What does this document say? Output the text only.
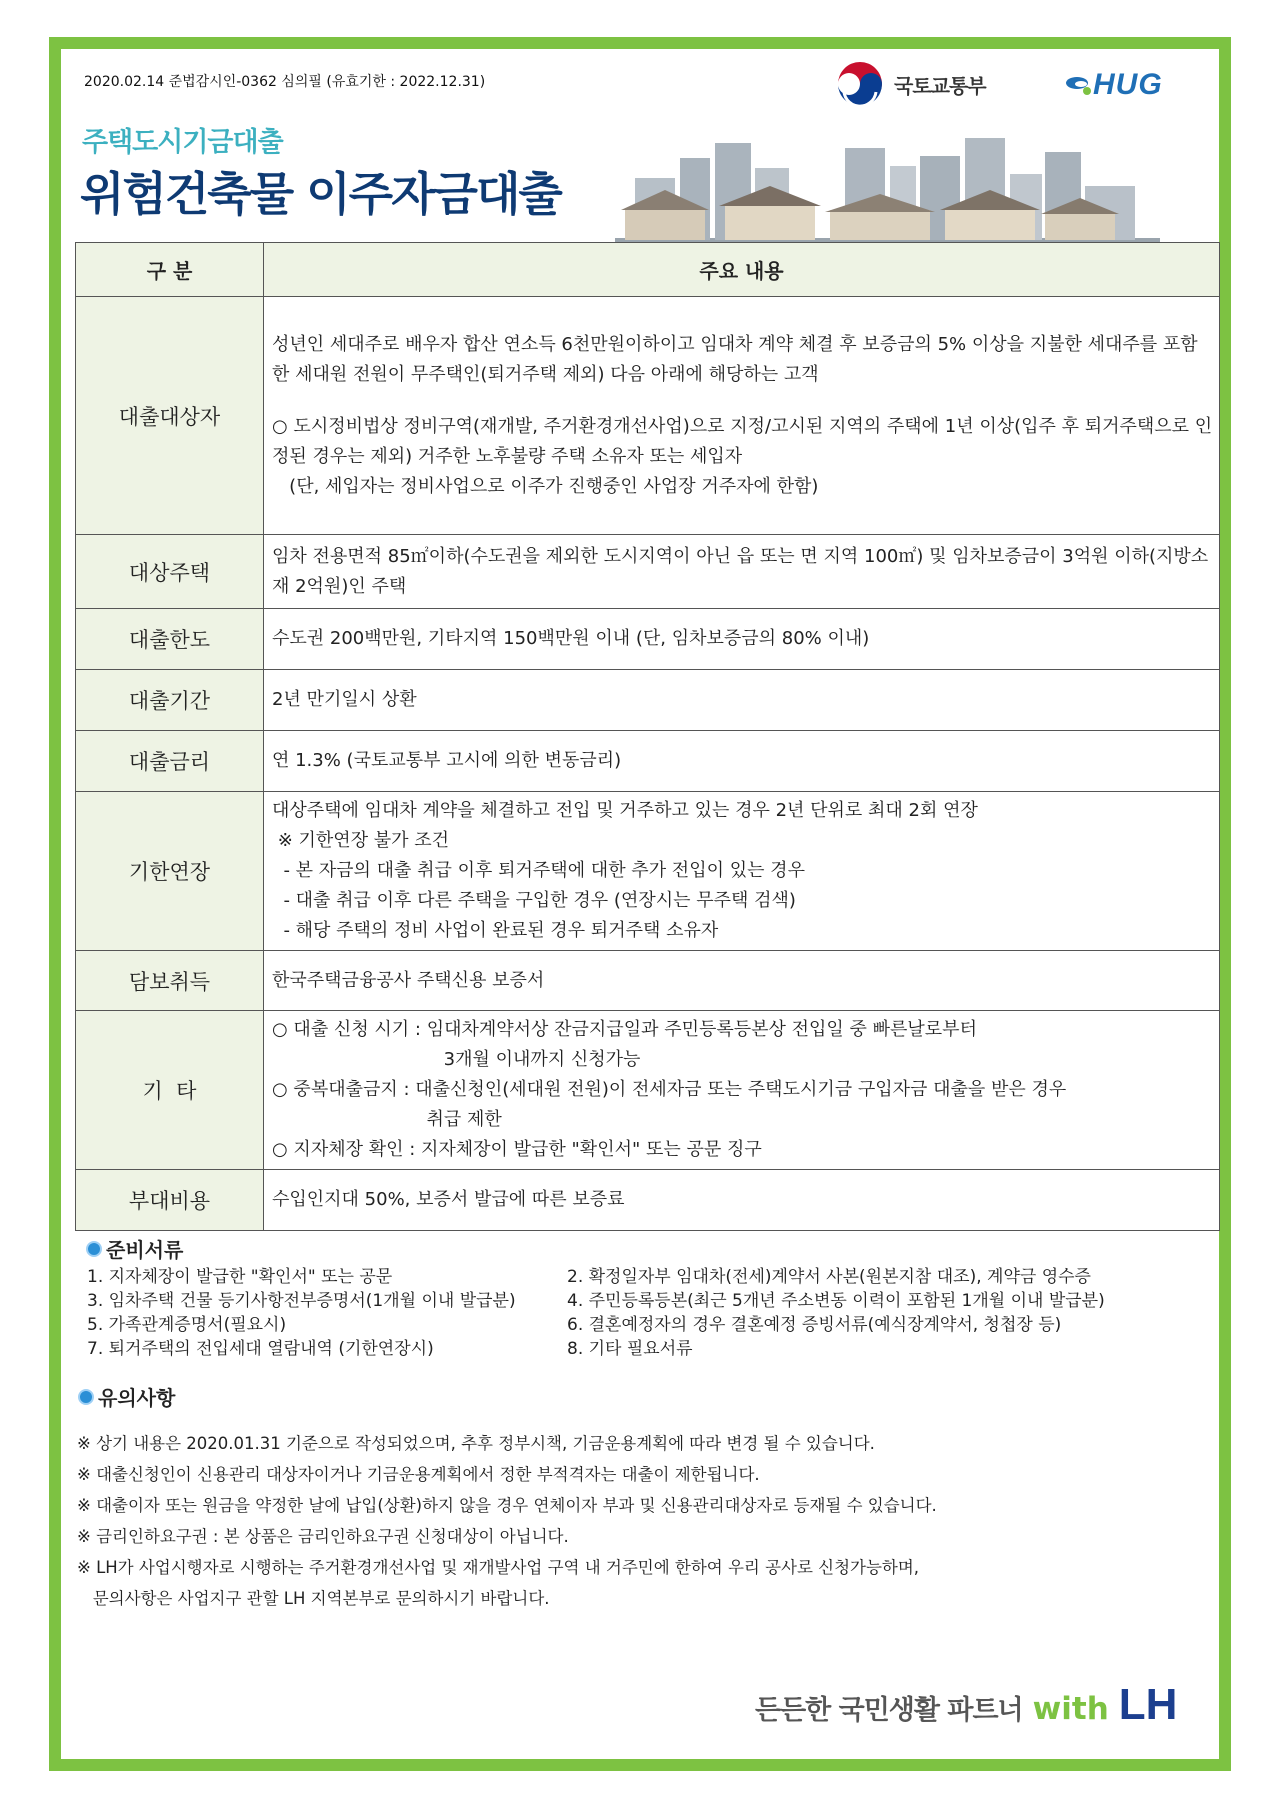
2020.02.14 준법감시인-0362 심의필 (유효기한 : 2022.12.31)	국토교통부	HUG
주택도시기금대출
위험건축물 이주자금대출
구 분	주요 내용
대출대상자	성년인 세대주로 배우자 합산 연소득 6천만원이하이고 임대차 계약 체결 후 보증금의 5% 이상을 지불한 세대주를 포함한 세대원 전원이 무주택인(퇴거주택 제외) 다음 아래에 해당하는 고객
○ 도시정비법상 정비구역(재개발, 주거환경개선사업)으로 지정/고시된 지역의 주택에 1년 이상(입주 후 퇴거주택으로 인정된 경우는 제외) 거주한 노후불량 주택 소유자 또는 세입자
(단, 세입자는 정비사업으로 이주가 진행중인 사업장 거주자에 한함)

대상주택	임차 전용면적 85㎡이하(수도권을 제외한 도시지역이 아닌 읍 또는 면 지역 100㎡) 및 임차보증금이 3억원 이하(지방소재 2억원)인 주택

대출한도	수도권 200백만원, 기타지역 150백만원 이내 (단, 임차보증금의 80% 이내)

대출기간	2년 만기일시 상환

대출금리	연 1.3% (국토교통부 고시에 의한 변동금리)

기한연장	대상주택에 임대차 계약을 체결하고 전입 및 거주하고 있는 경우 2년 단위로 최대 2회 연장
※ 기한연장 불가 조건
- 본 자금의 대출 취급 이후 퇴거주택에 대한 추가 전입이 있는 경우
- 대출 취급 이후 다른 주택을 구입한 경우 (연장시는 무주택 검색)
- 해당 주택의 정비 사업이 완료된 경우 퇴거주택 소유자

담보취득	한국주택금융공사 주택신용 보증서

기  타	○ 대출 신청 시기 : 임대차계약서상 잔금지급일과 주민등록등본상 전입일 중 빠른날로부터
3개월 이내까지 신청가능
○ 중복대출금지 : 대출신청인(세대원 전원)이 전세자금 또는 주택도시기금 구입자금 대출을 받은 경우
취급 제한
○ 지자체장 확인 : 지자체장이 발급한 "확인서" 또는 공문 징구

부대비용	수입인지대 50%, 보증서 발급에 따른 보증료
준비서류
1. 지자체장이 발급한 "확인서" 또는 공문	2. 확정일자부 임대차(전세)계약서 사본(원본지참 대조), 계약금 영수증
3. 임차주택 건물 등기사항전부증명서(1개월 이내 발급분)	4. 주민등록등본(최근 5개년 주소변동 이력이 포함된 1개월 이내 발급분)
5. 가족관계증명서(필요시)	6. 결혼예정자의 경우 결혼예정 증빙서류(예식장계약서, 청첩장 등)
7. 퇴거주택의 전입세대 열람내역 (기한연장시)	8. 기타 필요서류
유의사항
※ 상기 내용은 2020.01.31 기준으로 작성되었으며, 추후 정부시책, 기금운용계획에 따라 변경 될 수 있습니다.
※ 대출신청인이 신용관리 대상자이거나 기금운용계획에서 정한 부적격자는 대출이 제한됩니다.
※ 대출이자 또는 원금을 약정한 날에 납입(상환)하지 않을 경우 연체이자 부과 및 신용관리대상자로 등재될 수 있습니다.
※ 금리인하요구권 : 본 상품은 금리인하요구권 신청대상이 아닙니다.
※ LH가 사업시행자로 시행하는 주거환경개선사업 및 재개발사업 구역 내 거주민에 한하여 우리 공사로 신청가능하며,
문의사항은 사업지구 관할 LH 지역본부로 문의하시기 바랍니다.
든든한 국민생활 파트너 with LH
